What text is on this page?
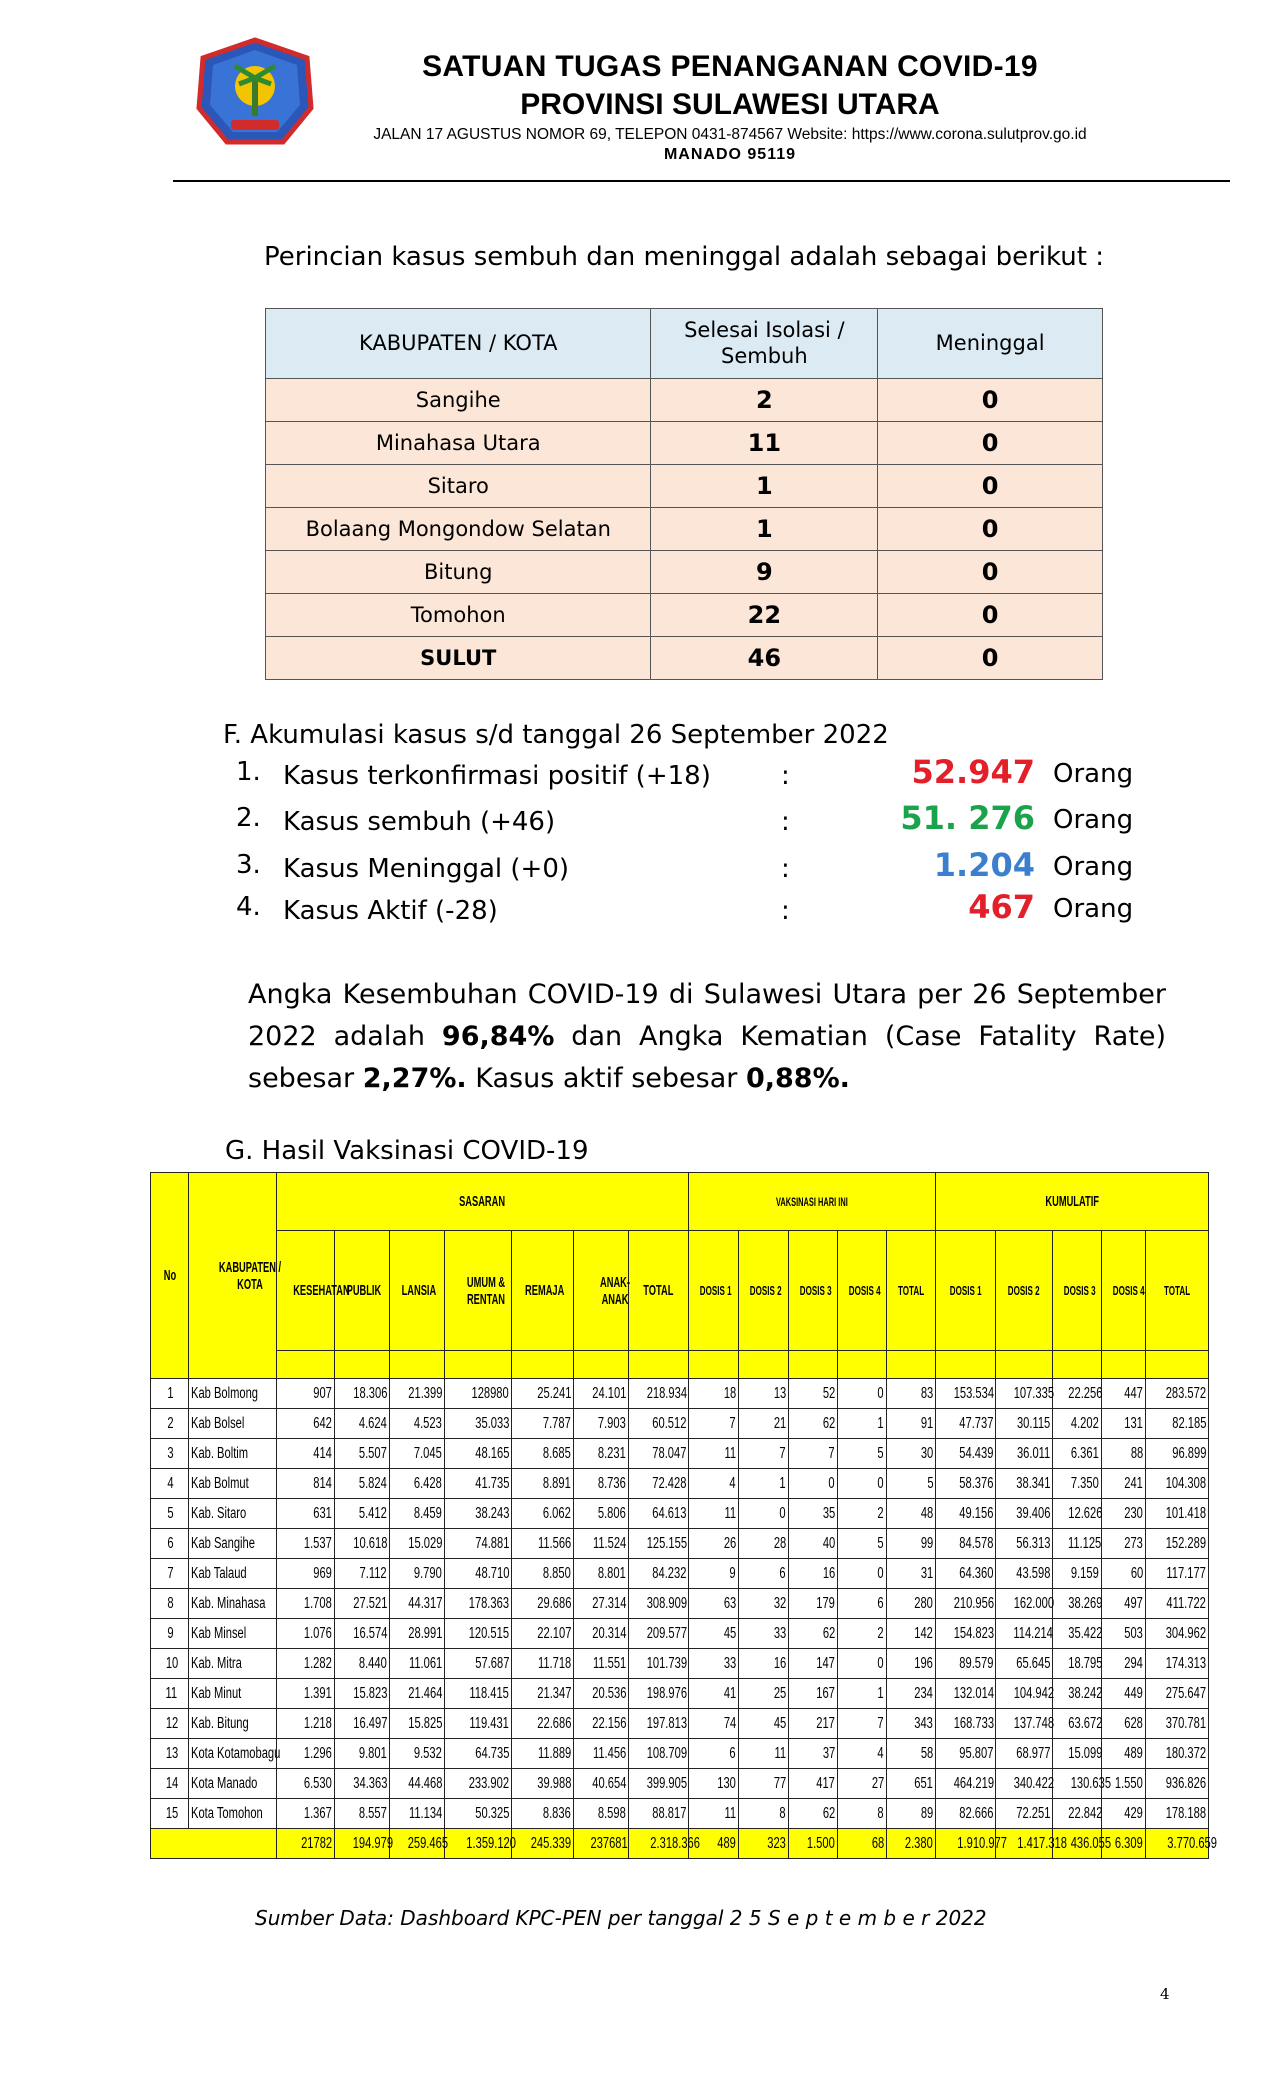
SATUAN TUGAS PENANGANAN COVID-19
PROVINSI SULAWESI UTARA
JALAN 17 AGUSTUS NOMOR 69, TELEPON 0431-874567 Website: https://www.corona.sulutprov.go.id
MANADO 95119
Perincian kasus sembuh dan meninggal adalah sebagai berikut :
KABUPATEN / KOTA	Selesai Isolasi / Sembuh	Meninggal
Sangihe	2	0
Minahasa Utara	11	0
Sitaro	1	0
Bolaang Mongondow Selatan	1	0
Bitung	9	0
Tomohon	22	0
SULUT	46	0
F. Akumulasi kasus s/d tanggal 26 September 2022
1. Kasus terkonfirmasi positif (+18)	:	52.947 Orang
2. Kasus sembuh (+46)	:	51. 276 Orang
3. Kasus Meninggal (+0)	:	1.204 Orang
4. Kasus Aktif (-28)	:	467 Orang
Angka Kesembuhan COVID-19 di Sulawesi Utara per 26 September 2022 adalah 96,84% dan Angka Kematian (Case Fatality Rate) sebesar 2,27%. Kasus aktif sebesar 0,88%.
G. Hasil Vaksinasi COVID-19
No	KABUPATEN / KOTA	SASARAN							VAKSINASI HARI INI					KUMULATIF				
		KESEHATAN	PUBLIK	LANSIA	UMUM & RENTAN	REMAJA	ANAK-ANAK	TOTAL	DOSIS 1	DOSIS 2	DOSIS 3	DOSIS 4	TOTAL	DOSIS 1	DOSIS 2	DOSIS 3	DOSIS 4	TOTAL

1	Kab Bolmong	907	18.306	21.399	128980	25.241	24.101	218.934	18	13	52	0	83	153.534	107.335	22.256	447	283.572
2	Kab Bolsel	642	4.624	4.523	35.033	7.787	7.903	60.512	7	21	62	1	91	47.737	30.115	4.202	131	82.185
3	Kab. Boltim	414	5.507	7.045	48.165	8.685	8.231	78.047	11	7	7	5	30	54.439	36.011	6.361	88	96.899
4	Kab Bolmut	814	5.824	6.428	41.735	8.891	8.736	72.428	4	1	0	0	5	58.376	38.341	7.350	241	104.308
5	Kab. Sitaro	631	5.412	8.459	38.243	6.062	5.806	64.613	11	0	35	2	48	49.156	39.406	12.626	230	101.418
6	Kab Sangihe	1.537	10.618	15.029	74.881	11.566	11.524	125.155	26	28	40	5	99	84.578	56.313	11.125	273	152.289
7	Kab Talaud	969	7.112	9.790	48.710	8.850	8.801	84.232	9	6	16	0	31	64.360	43.598	9.159	60	117.177
8	Kab. Minahasa	1.708	27.521	44.317	178.363	29.686	27.314	308.909	63	32	179	6	280	210.956	162.000	38.269	497	411.722
9	Kab Minsel	1.076	16.574	28.991	120.515	22.107	20.314	209.577	45	33	62	2	142	154.823	114.214	35.422	503	304.962
10	Kab. Mitra	1.282	8.440	11.061	57.687	11.718	11.551	101.739	33	16	147	0	196	89.579	65.645	18.795	294	174.313
11	Kab Minut	1.391	15.823	21.464	118.415	21.347	20.536	198.976	41	25	167	1	234	132.014	104.942	38.242	449	275.647
12	Kab. Bitung	1.218	16.497	15.825	119.431	22.686	22.156	197.813	74	45	217	7	343	168.733	137.748	63.672	628	370.781
13	Kota Kotamobagu	1.296	9.801	9.532	64.735	11.889	11.456	108.709	6	11	37	4	58	95.807	68.977	15.099	489	180.372
14	Kota Manado	6.530	34.363	44.468	233.902	39.988	40.654	399.905	130	77	417	27	651	464.219	340.422	130.635	1.550	936.826
15	Kota Tomohon	1.367	8.557	11.134	50.325	8.836	8.598	88.817	11	8	62	8	89	82.666	72.251	22.842	429	178.188
		21782	194.979	259.465	1.359.120	245.339	237681	2.318.366	489	323	1.500	68	2.380	1.910.977	1.417.318	436.055	6.309	3.770.659
Sumber Data: Dashboard KPC-PEN per tanggal 2 5 S e p t e m b e r 2022
4
